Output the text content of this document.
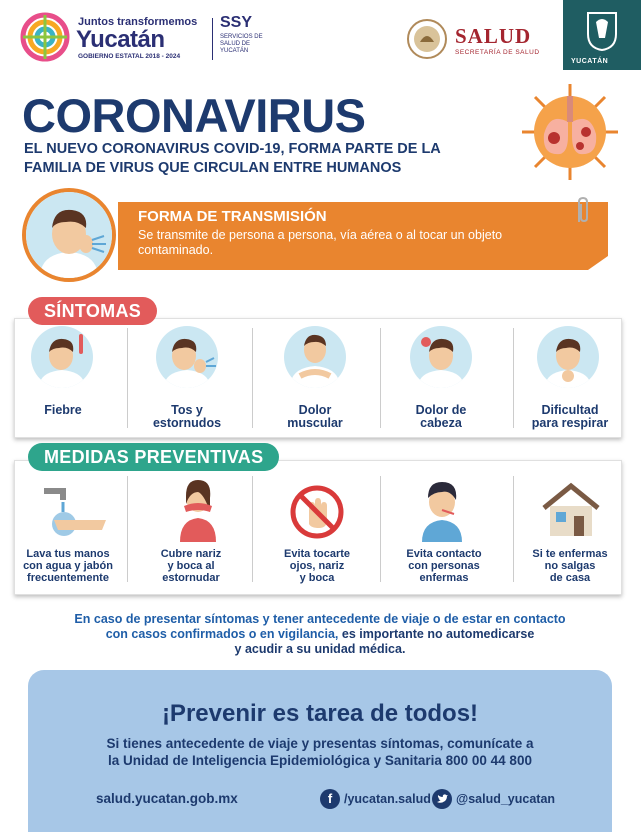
Juntos transformemos
Yucatán
GOBIERNO ESTATAL 2018 - 2024
SSY
SERVICIOS DE SALUD DE YUCATÁN
SALUD
SECRETARÍA DE SALUD
YUCATÁN
CORONAVIRUS
EL NUEVO CORONAVIRUS COVID-19, FORMA PARTE DE LA
FAMILIA DE VIRUS QUE CIRCULAN ENTRE HUMANOS
FORMA DE TRANSMISIÓN
Se transmite de persona a persona, vía aérea o al tocar un objeto contaminado.
SÍNTOMAS
Fiebre	Tos y
estornudos
Dolor
muscular
Dolor de
cabeza
Dificultad
para respirar
MEDIDAS PREVENTIVAS
Lava tus manos
con agua y jabón
frecuentemente
Cubre nariz
y boca al
estornudar
Evita tocarte
ojos, nariz
y boca
Evita contacto
con personas
enfermas
Si te enfermas
no salgas
de casa
En caso de presentar síntomas y tener antecedente de viaje o de estar en contacto
con casos confirmados o en vigilancia, es importante no automedicarse
y acudir a su unidad médica.
¡Prevenir es tarea de todos!
Si tienes antecedente de viaje y presentas síntomas, comunícate a
la Unidad de Inteligencia Epidemiológica y Sanitaria 800 00 44 800
salud.yucatan.gob.mx	f /yucatan.salud @salud_yucatan
